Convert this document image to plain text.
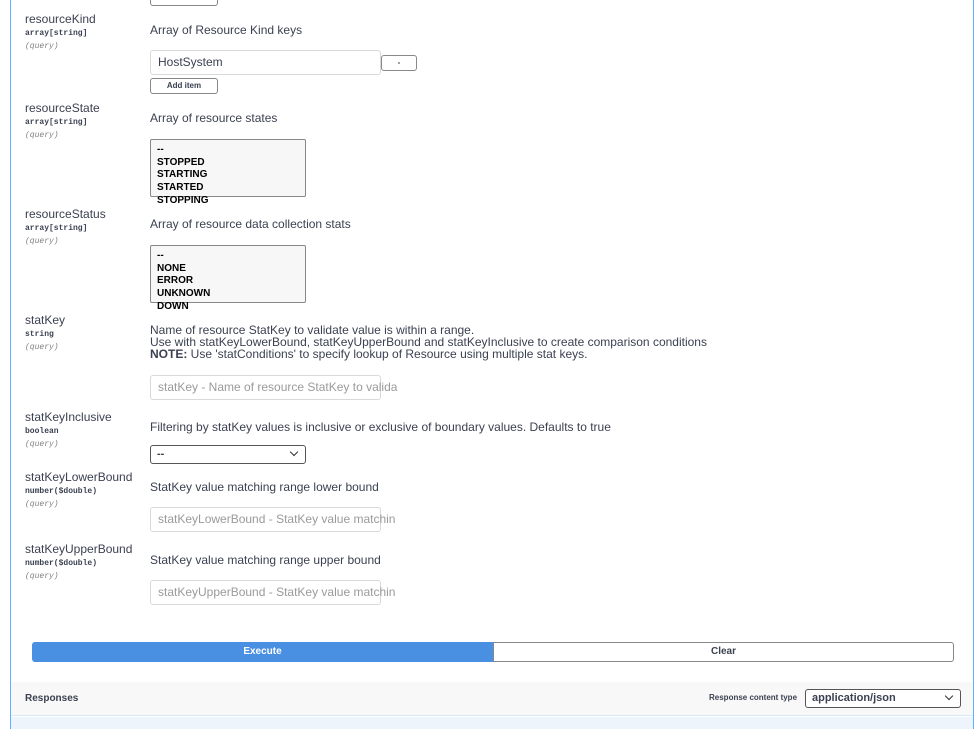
resourceKind
array[string]
(query)
Array of Resource Kind keys
HostSystem	-
Add item
resourceState
array[string]
(query)
Array of resource states
--
STOPPED
STARTING
STARTED
STOPPING
resourceStatus
array[string]
(query)
Array of resource data collection stats
--
NONE
ERROR
UNKNOWN
DOWN
statKey
string
(query)
Name of resource StatKey to validate value is within a range.
Use with statKeyLowerBound, statKeyUpperBound and statKeyInclusive to create comparison conditions
NOTE: Use 'statConditions' to specify lookup of Resource using multiple stat keys.
statKey - Name of resource StatKey to valida
statKeyInclusive
boolean
(query)
Filtering by statKey values is inclusive or exclusive of boundary values. Defaults to true
--
statKeyLowerBound
number($double)
(query)
StatKey value matching range lower bound
statKeyLowerBound - StatKey value matchin
statKeyUpperBound
number($double)
(query)
StatKey value matching range upper bound
statKeyUpperBound - StatKey value matchin
Execute	Clear
Responses	Response content type	application/json
